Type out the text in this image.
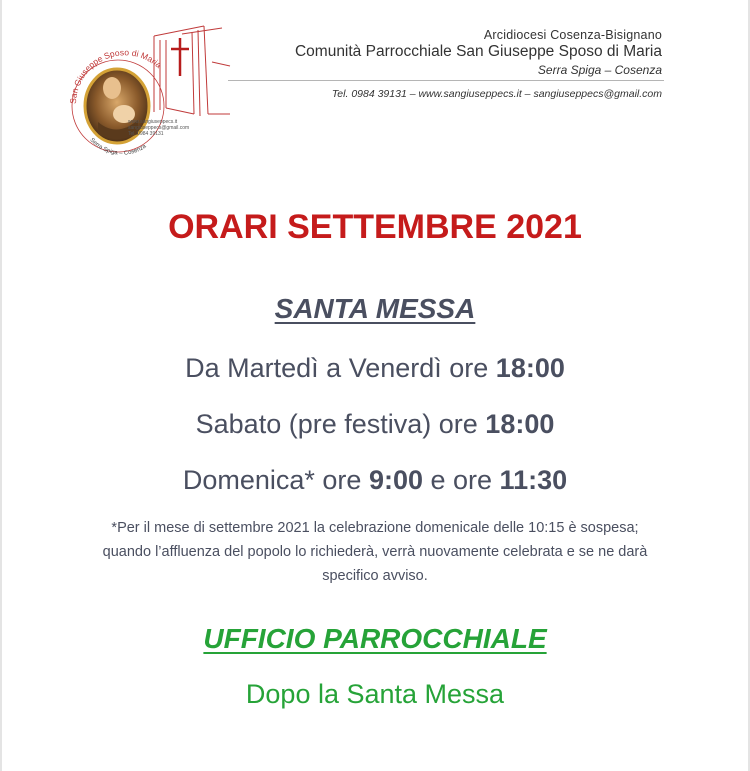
San Giuseppe Sposo di Maria
Serra Spiga – Cosenza
www.sangiuseppecs.it
sangiuseppecs@gmail.com
Tel. 0984 39131
Arcidiocesi Cosenza-Bisignano
Comunità Parrocchiale San Giuseppe Sposo di Maria
Serra Spiga – Cosenza
Tel. 0984 39131 – www.sangiuseppecs.it – sangiuseppecs@gmail.com
ORARI SETTEMBRE 2021
SANTA MESSA
Da Martedì a Venerdì ore 18:00
Sabato (pre festiva) ore 18:00
Domenica* ore 9:00 e ore 11:30
*Per il mese di settembre 2021 la celebrazione domenicale delle 10:15 è sospesa; quando l’affluenza del popolo lo richiederà, verrà nuovamente celebrata e se ne darà specifico avviso.
UFFICIO PARROCCHIALE
Dopo la Santa Messa
